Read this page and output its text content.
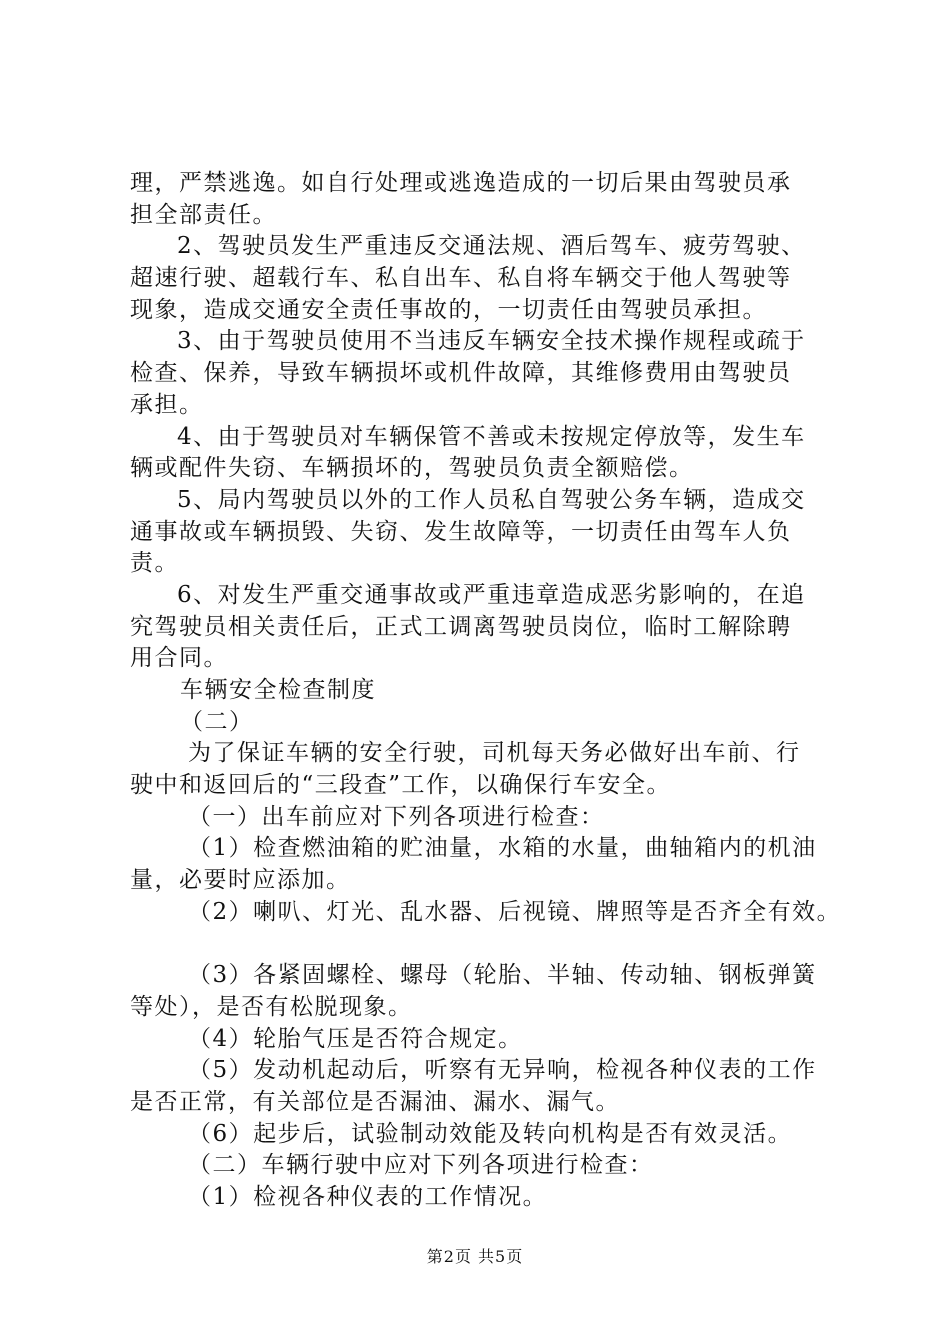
理，严禁逃逸。如自行处理或逃逸造成的一切后果由驾驶员承
担全部责任。
2、驾驶员发生严重违反交通法规、酒后驾车、疲劳驾驶、
超速行驶、超载行车、私自出车、私自将车辆交于他人驾驶等
现象，造成交通安全责任事故的，一切责任由驾驶员承担。
3、由于驾驶员使用不当违反车辆安全技术操作规程或疏于
检查、保养，导致车辆损坏或机件故障，其维修费用由驾驶员
承担。
4、由于驾驶员对车辆保管不善或未按规定停放等，发生车
辆或配件失窃、车辆损坏的，驾驶员负责全额赔偿。
5、局内驾驶员以外的工作人员私自驾驶公务车辆，造成交
通事故或车辆损毁、失窃、发生故障等，一切责任由驾车人负
责。
6、对发生严重交通事故或严重违章造成恶劣影响的，在追
究驾驶员相关责任后，正式工调离驾驶员岗位，临时工解除聘
用合同。
车辆安全检查制度
（二）
为了保证车辆的安全行驶，司机每天务必做好出车前、行
驶中和返回后的“三段查”工作，以确保行车安全。
（一）出车前应对下列各项进行检查：
（1）检查燃油箱的贮油量，水箱的水量，曲轴箱内的机油
量，必要时应添加。
（2）喇叭、灯光、乱水器、后视镜、牌照等是否齐全有效。
（3）各紧固螺栓、螺母（轮胎、半轴、传动轴、钢板弹簧
等处），是否有松脱现象。
（4）轮胎气压是否符合规定。
（5）发动机起动后，听察有无异响，检视各种仪表的工作
是否正常，有关部位是否漏油、漏水、漏气。
（6）起步后，试验制动效能及转向机构是否有效灵活。
（二）车辆行驶中应对下列各项进行检查：
（1）检视各种仪表的工作情况。
第2页 共5页
